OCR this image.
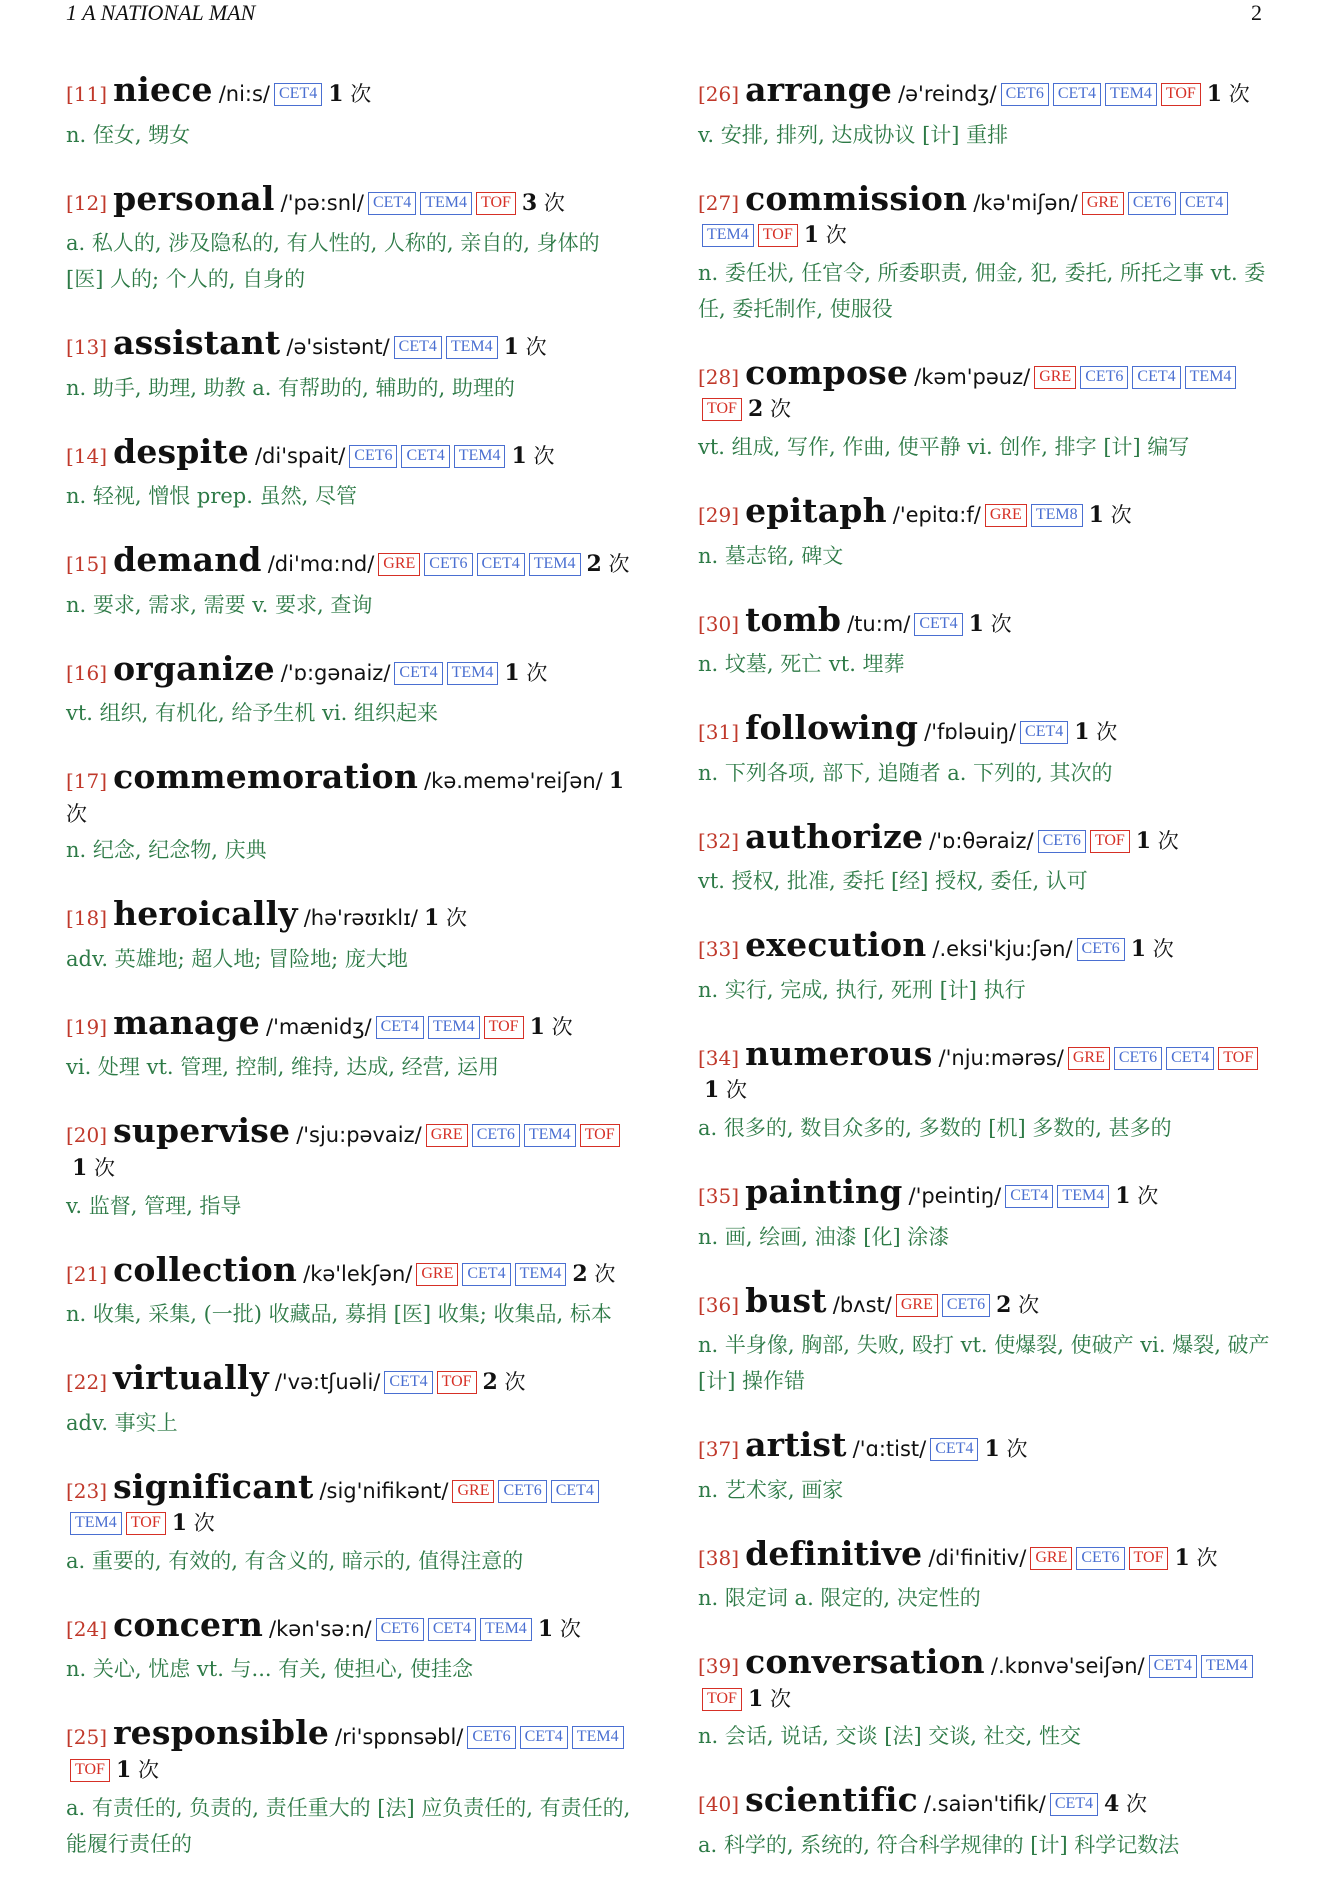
1 A NATIONAL MAN	2
[11] niece /ni:s/ CET4 1 次
n. 侄女, 甥女
[12] personal /'pə:snl/ CET4 TEM4 TOF 3 次
a. 私人的, 涉及隐私的, 有人性的, 人称的, 亲自的, 身体的 [医] 人的; 个人的, 自身的
[13] assistant /ə'sistənt/ CET4 TEM4 1 次
n. 助手, 助理, 助教 a. 有帮助的, 辅助的, 助理的
[14] despite /di'spait/ CET6 CET4 TEM4 1 次
n. 轻视, 憎恨 prep. 虽然, 尽管
[15] demand /di'mɑ:nd/ GRE CET6 CET4 TEM4 2 次
n. 要求, 需求, 需要 v. 要求, 查询
[16] organize /'ɒ:gənaiz/ CET4 TEM4 1 次
vt. 组织, 有机化, 给予生机 vi. 组织起来
[17] commemoration /kə.memə'reiʃən/ 1 次
n. 纪念, 纪念物, 庆典
[18] heroically /hə'rəʊɪklɪ/ 1 次
adv. 英雄地; 超人地; 冒险地; 庞大地
[19] manage /'mænidʒ/ CET4 TEM4 TOF 1 次
vi. 处理 vt. 管理, 控制, 维持, 达成, 经营, 运用
[20] supervise /'sju:pəvaiz/ GRE CET6 TEM4 TOF1 次
v. 监督, 管理, 指导
[21] collection /kə'lekʃən/ GRE CET4 TEM4 2 次
n. 收集, 采集, (一批) 收藏品, 募捐 [医] 收集; 收集品, 标本
[22] virtually /'və:tʃuəli/ CET4 TOF 2 次
adv. 事实上
[23] significant /sig'nifikənt/ GRE CET6 CET4TEM4 TOF 1 次
a. 重要的, 有效的, 有含义的, 暗示的, 值得注意的
[24] concern /kən'sə:n/ CET6 CET4 TEM4 1 次
n. 关心, 忧虑 vt. 与... 有关, 使担心, 使挂念
[25] responsible /ri'spɒnsəbl/ CET6 CET4 TEM4TOF 1 次
a. 有责任的, 负责的, 责任重大的 [法] 应负责任的, 有责任的, 能履行责任的
[26] arrange /ə'reindʒ/ CET6 CET4 TEM4 TOF 1 次
v. 安排, 排列, 达成协议 [计] 重排
[27] commission /kə'miʃən/ GRE CET6 CET4TEM4 TOF 1 次
n. 委任状, 任官令, 所委职责, 佣金, 犯, 委托, 所托之事 vt. 委任, 委托制作, 使服役
[28] compose /kəm'pəuz/ GRE CET6 CET4 TEM4TOF 2 次
vt. 组成, 写作, 作曲, 使平静 vi. 创作, 排字 [计] 编写
[29] epitaph /'epitɑ:f/ GRE TEM8 1 次
n. 墓志铭, 碑文
[30] tomb /tu:m/ CET4 1 次
n. 坟墓, 死亡 vt. 埋葬
[31] following /'fɒləuiŋ/ CET4 1 次
n. 下列各项, 部下, 追随者 a. 下列的, 其次的
[32] authorize /'ɒ:θəraiz/ CET6 TOF 1 次
vt. 授权, 批准, 委托 [经] 授权, 委任, 认可
[33] execution /.eksi'kju:ʃən/ CET6 1 次
n. 实行, 完成, 执行, 死刑 [计] 执行
[34] numerous /'nju:mərəs/ GRE CET6 CET4 TOF1 次
a. 很多的, 数目众多的, 多数的 [机] 多数的, 甚多的
[35] painting /'peintiŋ/ CET4 TEM4 1 次
n. 画, 绘画, 油漆 [化] 涂漆
[36] bust /bʌst/ GRE CET6 2 次
n. 半身像, 胸部, 失败, 殴打 vt. 使爆裂, 使破产 vi. 爆裂, 破产 [计] 操作错
[37] artist /'ɑ:tist/ CET4 1 次
n. 艺术家, 画家
[38] definitive /di'finitiv/ GRE CET6 TOF 1 次
n. 限定词 a. 限定的, 决定性的
[39] conversation /.kɒnvə'seiʃən/ CET4 TEM4TOF 1 次
n. 会话, 说话, 交谈 [法] 交谈, 社交, 性交
[40] scientific /.saiən'tifik/ CET4 4 次
a. 科学的, 系统的, 符合科学规律的 [计] 科学记数法
